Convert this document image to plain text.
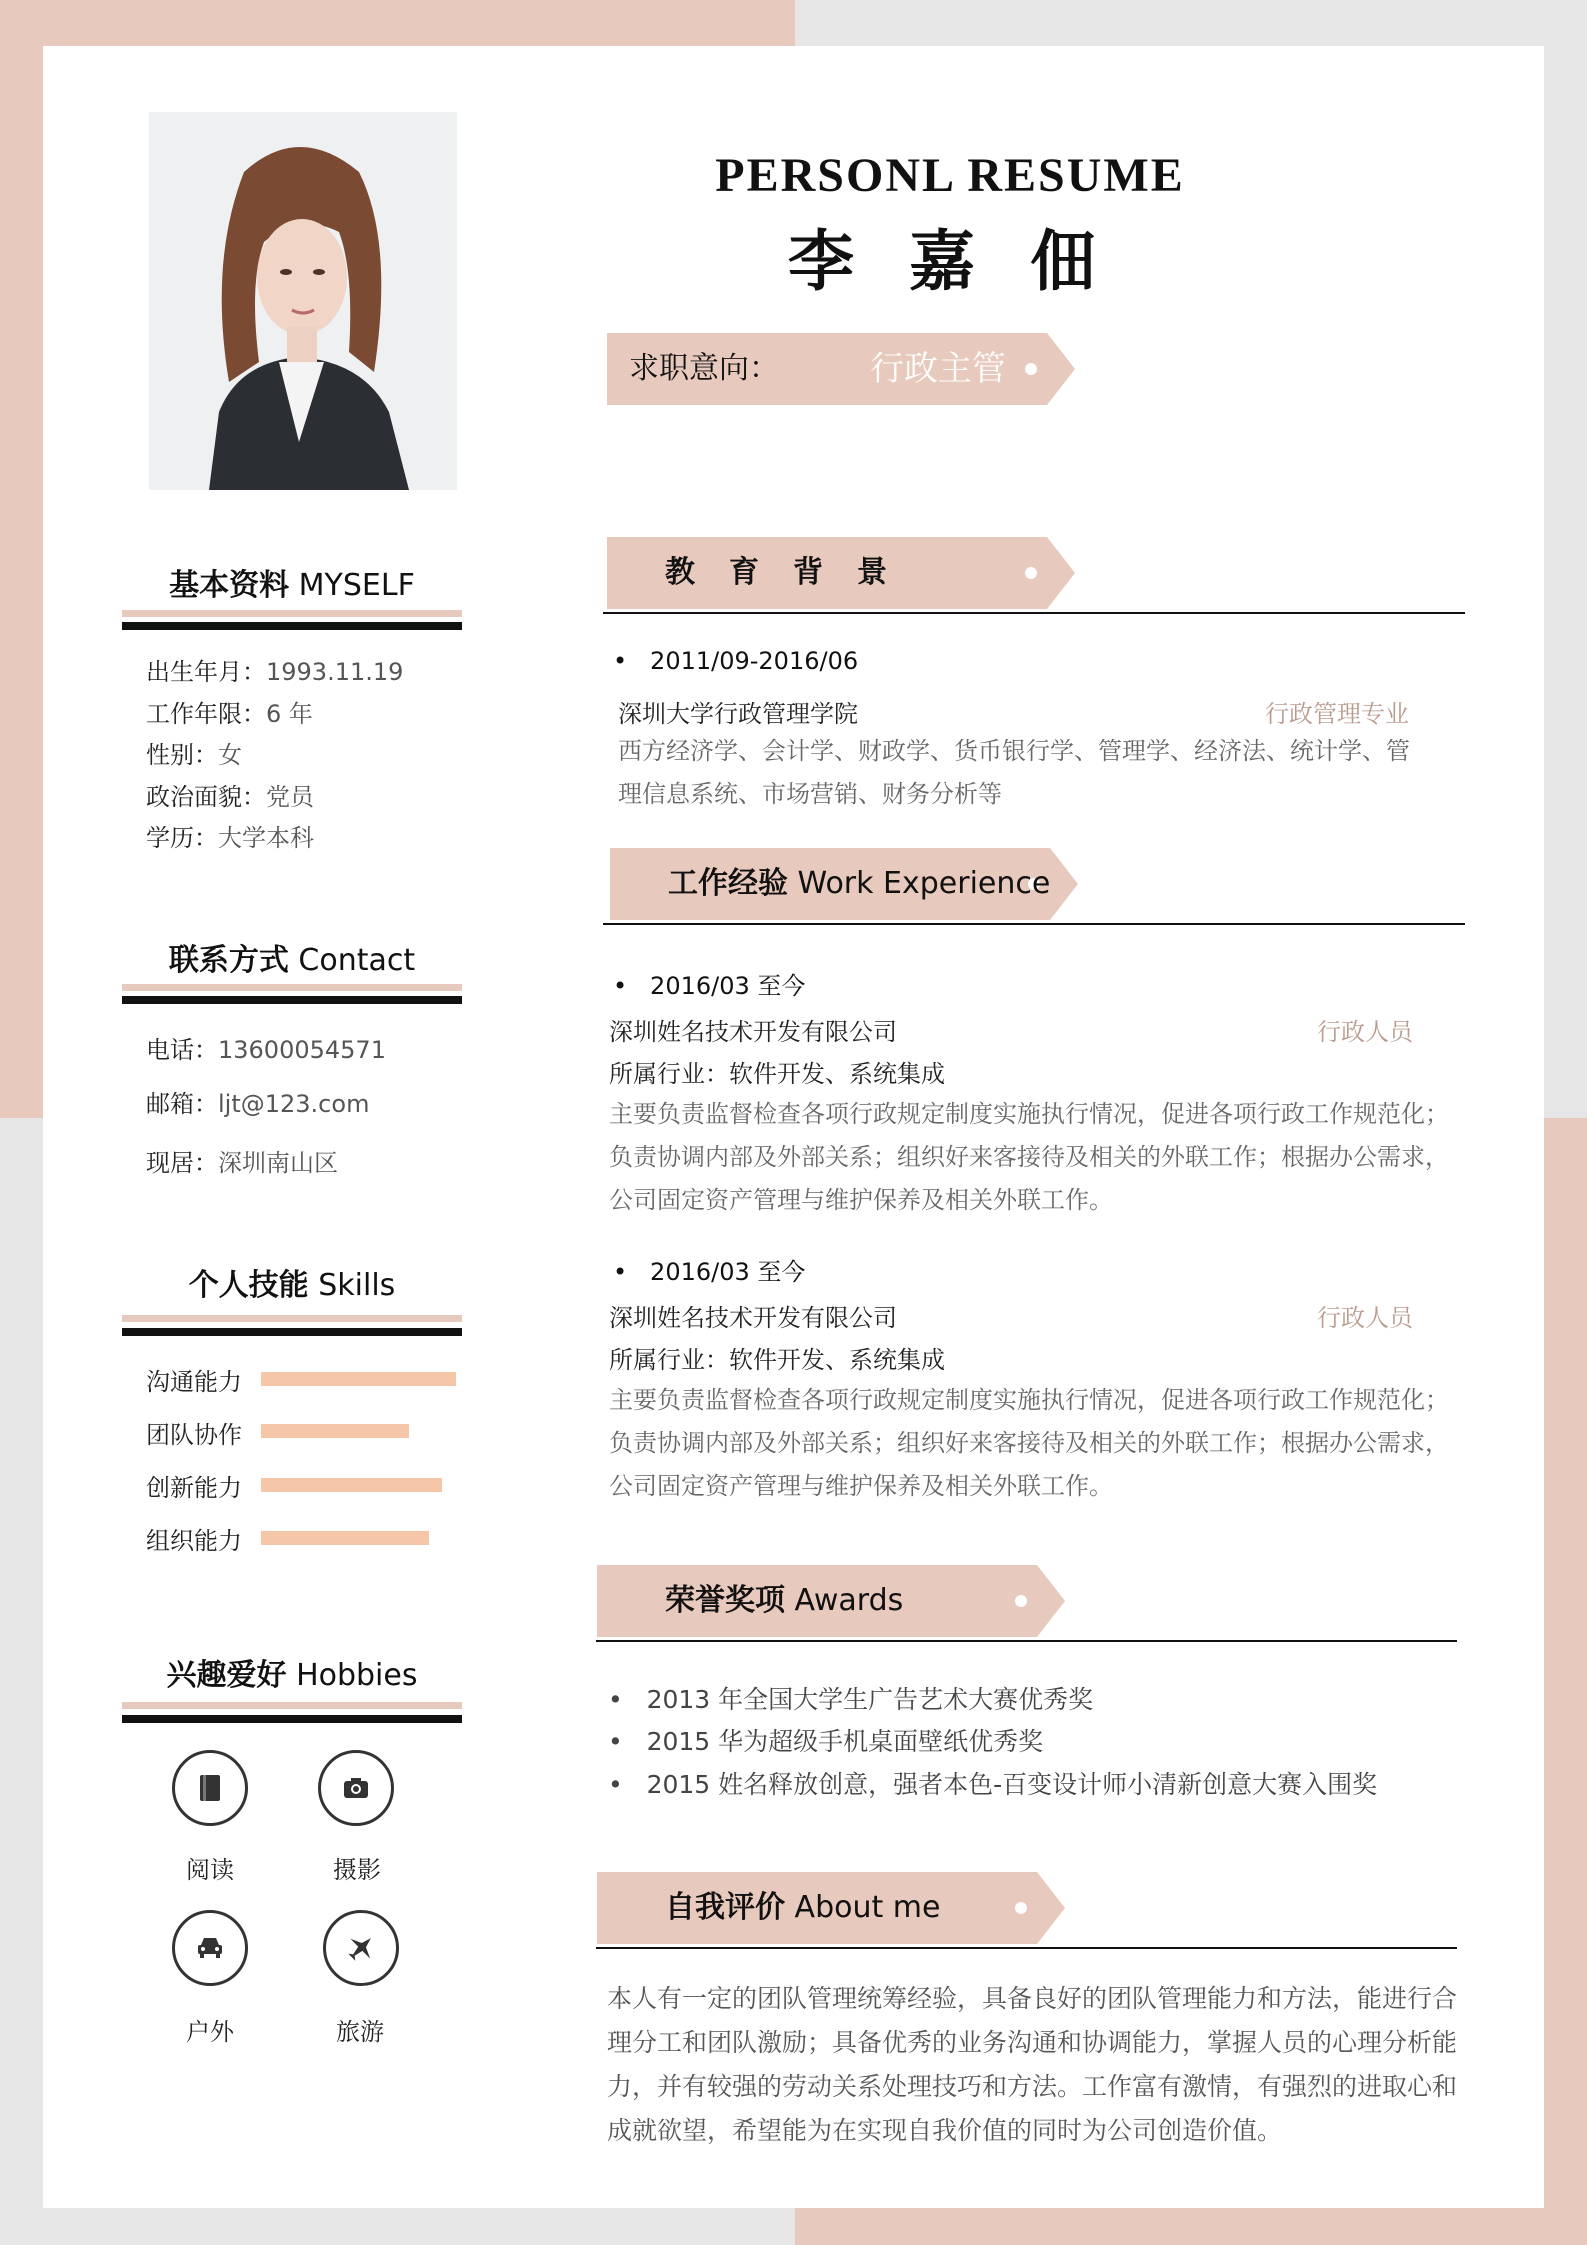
基本资料 MYSELF
出生年月：1993.11.19
工作年限：6 年
性别：女
政治面貌：党员
学历：大学本科
联系方式 Contact
电话：13600054571
邮箱：ljt@123.com
现居：深圳南山区
个人技能 Skills
沟通能力
团队协作
创新能力
组织能力
兴趣爱好 Hobbies
阅读	摄影
户外	旅游
PERSONL RESUME
李 嘉 佃
求职意向：	行政主管
教　育　背　景
•   2011/09-2016/06
深圳大学行政管理学院	行政管理专业
西方经济学、会计学、财政学、货币银行学、管理学、经济法、统计学、管
理信息系统、市场营销、财务分析等
工作经验 Work Experience
•   2016/03 至今
深圳姓名技术开发有限公司	行政人员
所属行业：软件开发、系统集成
主要负责监督检查各项行政规定制度实施执行情况，促进各项行政工作规范化；
负责协调内部及外部关系；组织好来客接待及相关的外联工作；根据办公需求，
公司固定资产管理与维护保养及相关外联工作。
•   2016/03 至今
深圳姓名技术开发有限公司	行政人员
所属行业：软件开发、系统集成
主要负责监督检查各项行政规定制度实施执行情况，促进各项行政工作规范化；
负责协调内部及外部关系；组织好来客接待及相关的外联工作；根据办公需求，
公司固定资产管理与维护保养及相关外联工作。
荣誉奖项 Awards
•   2013 年全国大学生广告艺术大赛优秀奖
•   2015 华为超级手机桌面壁纸优秀奖
•   2015 姓名释放创意，强者本色-百变设计师小清新创意大赛入围奖
自我评价 About me
本人有一定的团队管理统筹经验，具备良好的团队管理能力和方法，能进行合
理分工和团队激励；具备优秀的业务沟通和协调能力，掌握人员的心理分析能
力，并有较强的劳动关系处理技巧和方法。工作富有激情，有强烈的进取心和
成就欲望，希望能为在实现自我价值的同时为公司创造价值。
